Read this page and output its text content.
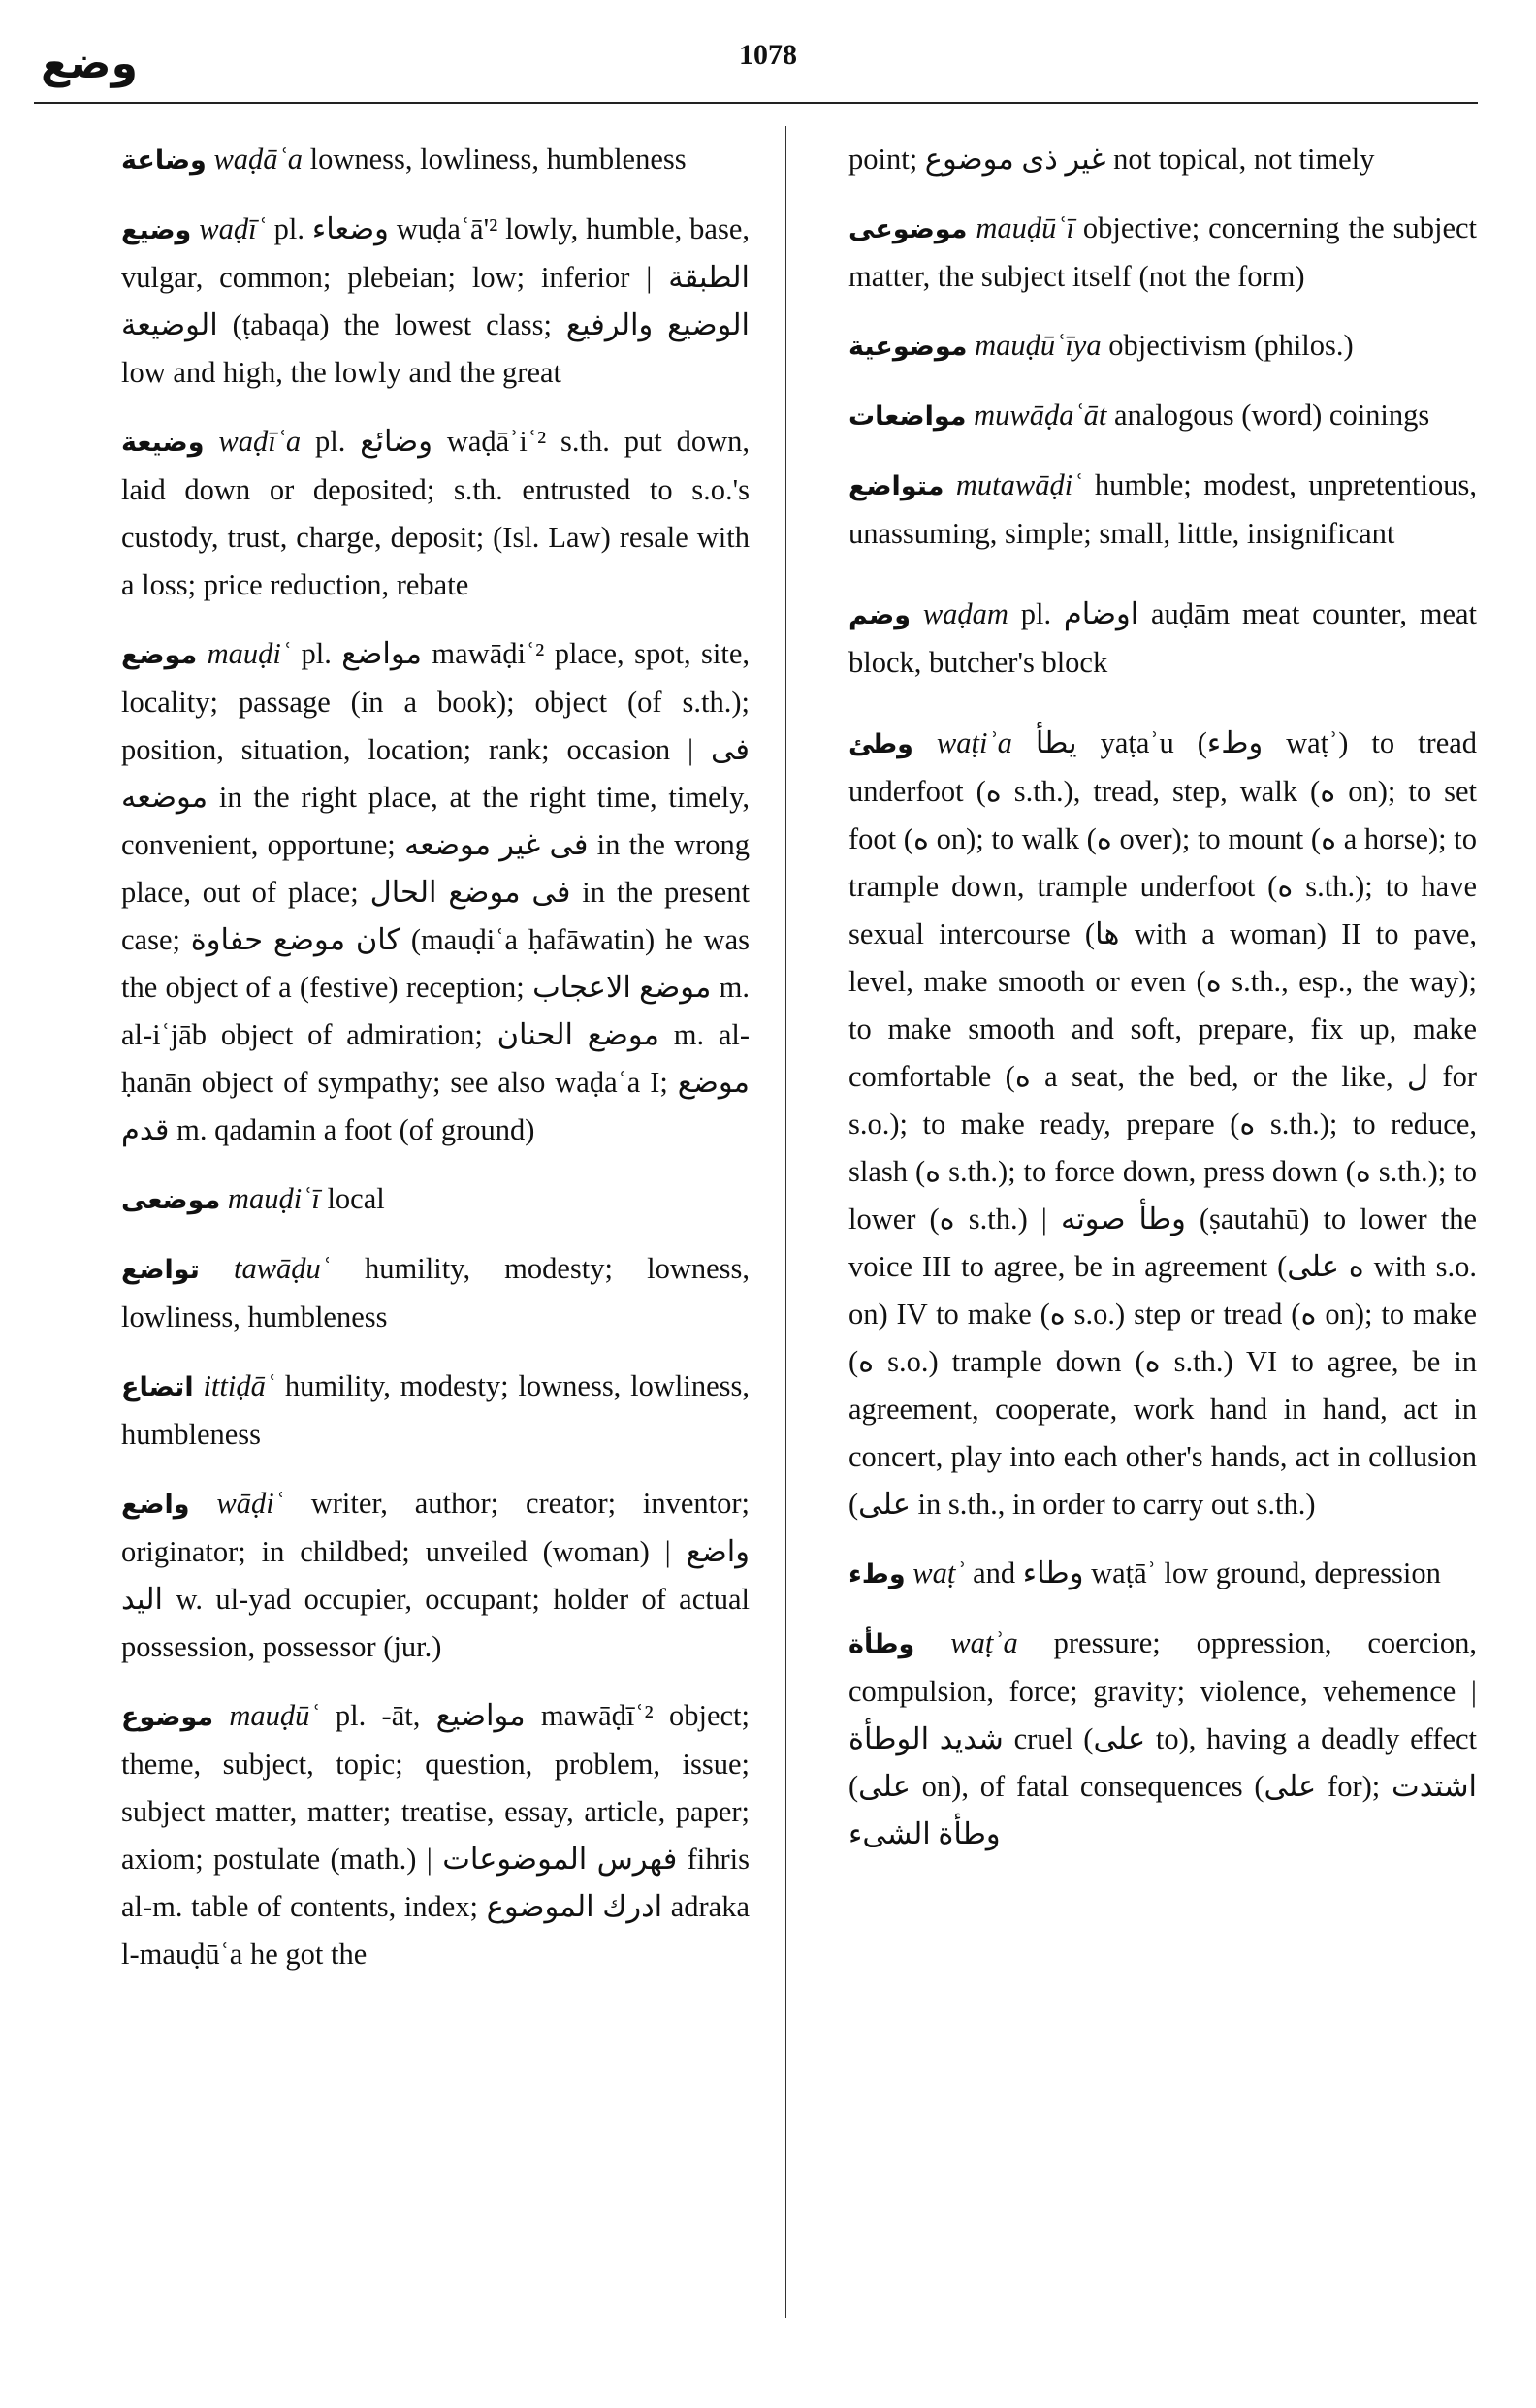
وضع	1078

وضاعة waḍāʿa lowness, lowliness, humbleness

وضيع waḍīʿ pl. وضعاء wuḍaʿā'² lowly, humble, base, vulgar, common; plebeian; low; inferior | الطبقة الوضيعة (ṭabaqa) the lowest class; الوضيع والرفيع low and high, the lowly and the great

وضيعة waḍīʿa pl. وضائع waḍāʾiʿ² s.th. put down, laid down or deposited; s.th. entrusted to s.o.'s custody, trust, charge, deposit; (Isl. Law) resale with a loss; price reduction, rebate

موضع mauḍiʿ pl. مواضع mawāḍiʿ² place, spot, site, locality; passage (in a book); object (of s.th.); position, situation, location; rank; occasion | فى موضعه in the right place, at the right time, timely, convenient, opportune; فى غير موضعه in the wrong place, out of place; فى موضع الحال in the present case; كان موضع حفاوة (mauḍiʿa ḥafāwatin) he was the object of a (festive) reception; موضع الاعجاب m. al-iʿjāb object of admiration; موضع الحنان m. al-ḥanān object of sympathy; see also waḍaʿa I; موضع قدم m. qadamin a foot (of ground)

موضعى mauḍiʿī local

تواضع tawāḍuʿ humility, modesty; lowness, lowliness, humbleness

اتضاع ittiḍāʿ humility, modesty; lowness, lowliness, humbleness

واضع wāḍiʿ writer, author; creator; inventor; originator; in childbed; unveiled (woman) | واضع اليد w. ul-yad occupier, occupant; holder of actual possession, possessor (jur.)

موضوع mauḍūʿ pl. -āt, مواضيع mawāḍīʿ² object; theme, subject, topic; question, problem, issue; subject matter, matter; treatise, essay, article, paper; axiom; postulate (math.) | فهرس الموضوعات fihris al-m. table of contents, index; ادرك الموضوع adraka l-mauḍūʿa he got the

point; غير ذى موضوع not topical, not timely

موضوعى mauḍūʿī objective; concerning the subject matter, the subject itself (not the form)

موضوعية mauḍūʿīya objectivism (philos.)

مواضعات muwāḍaʿāt analogous (word) coinings

متواضع mutawāḍiʿ humble; modest, unpretentious, unassuming, simple; small, little, insignificant

وضم waḍam pl. اوضام auḍām meat counter, meat block, butcher's block

وطئ waṭiʾa يطأ yaṭaʾu (وطء waṭʾ) to tread underfoot (ه s.th.), tread, step, walk (ه on); to set foot (ه on); to walk (ه over); to mount (ه a horse); to trample down, trample underfoot (ه s.th.); to have sexual intercourse (ها with a woman) II to pave, level, make smooth or even (ه s.th., esp., the way); to make smooth and soft, prepare, fix up, make comfortable (ه a seat, the bed, or the like, ل for s.o.); to make ready, prepare (ه s.th.); to reduce, slash (ه s.th.); to force down, press down (ه s.th.); to lower (ه s.th.) | وطأ صوته (ṣautahū) to lower the voice III to agree, be in agreement (ه على with s.o. on) IV to make (ه s.o.) step or tread (ه on); to make (ه s.o.) trample down (ه s.th.) VI to agree, be in agreement, cooperate, work hand in hand, act in concert, play into each other's hands, act in collusion (على in s.th., in order to carry out s.th.)

وطء waṭʾ and وطاء waṭāʾ low ground, depression

وطأة waṭʾa pressure; oppression, coercion, compulsion, force; gravity; violence, vehemence | شديد الوطأة cruel (على to), having a deadly effect (على on), of fatal consequences (على for); اشتدت وطأة الشىء
